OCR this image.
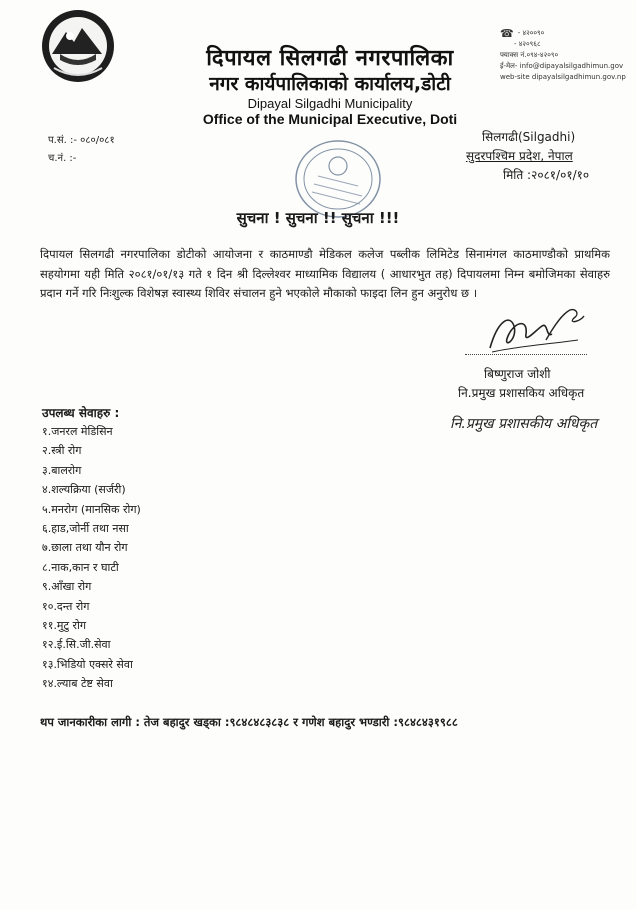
दिपायल सिलगढी नगरपालिका
नगर कार्यपालिकाको कार्यालय,डोटी
Dipayal Silgadhi Municipality
Office of the Municipal Executive, Doti
☎ - ४२००९०
- ४२०९६८
फ्याक्स नं.०९४-४२०९०
ई-मेल- info@dipayalsilgadhimun.gov
web-site dipayalsilgadhimun.gov.np
प.सं. :- ०८०/०८१
च.नं. :-
सिलगढी(Silgadhi)
सुदरपश्चिम प्रदेश, नेपाल
मिति :२०८१/०१/१०
सुचना ! सुचना !! सुचना !!!
दिपायल सिलगढी नगरपालिका डोटीको आयोजना र काठमाण्डौ मेडिकल कलेज पब्लीक लिमिटेड सिनामंगल काठमाण्डौको प्राथमिक सहयोगमा यही मिति २०८१/०१/१३ गते १ दिन श्री दिल्लेश्वर माध्यामिक विद्यालय ( आधारभुत तह) दिपायलमा निम्न बमोजिमका सेवाहरु प्रदान गर्ने गरि निःशुल्क विशेषज्ञ स्वास्थ्य शिविर संचालन हुने भएकोले मौकाको फाइदा लिन हुन अनुरोध छ ।
बिष्णुराज जोशी
नि.प्रमुख प्रशासकिय अधिकृत
नि.प्रमुख प्रशासकीय अधिकृत
उपलब्ध सेवाहरु :
१.जनरल मेडिसिन
२.स्त्री रोग
३.बालरोग
४.शल्यक्रिया (सर्जरी)
५.मनरोग (मानसिक रोग)
६.हाड,जोर्नी तथा नसा
७.छाला तथा यौन रोग
८.नाक,कान र घाटी
९.आँखा रोग
१०.दन्त रोग
११.मुटु रोग
१२.ई.सि.जी.सेवा
१३.भिडियो एक्सरे सेवा
१४.ल्याब टेष्ट सेवा
थप जानकारीका लागी : तेज बहादुर खड्का :९८४८४८३८३८ र गणेश बहादुर भण्डारी :९८४८४३१९८८
